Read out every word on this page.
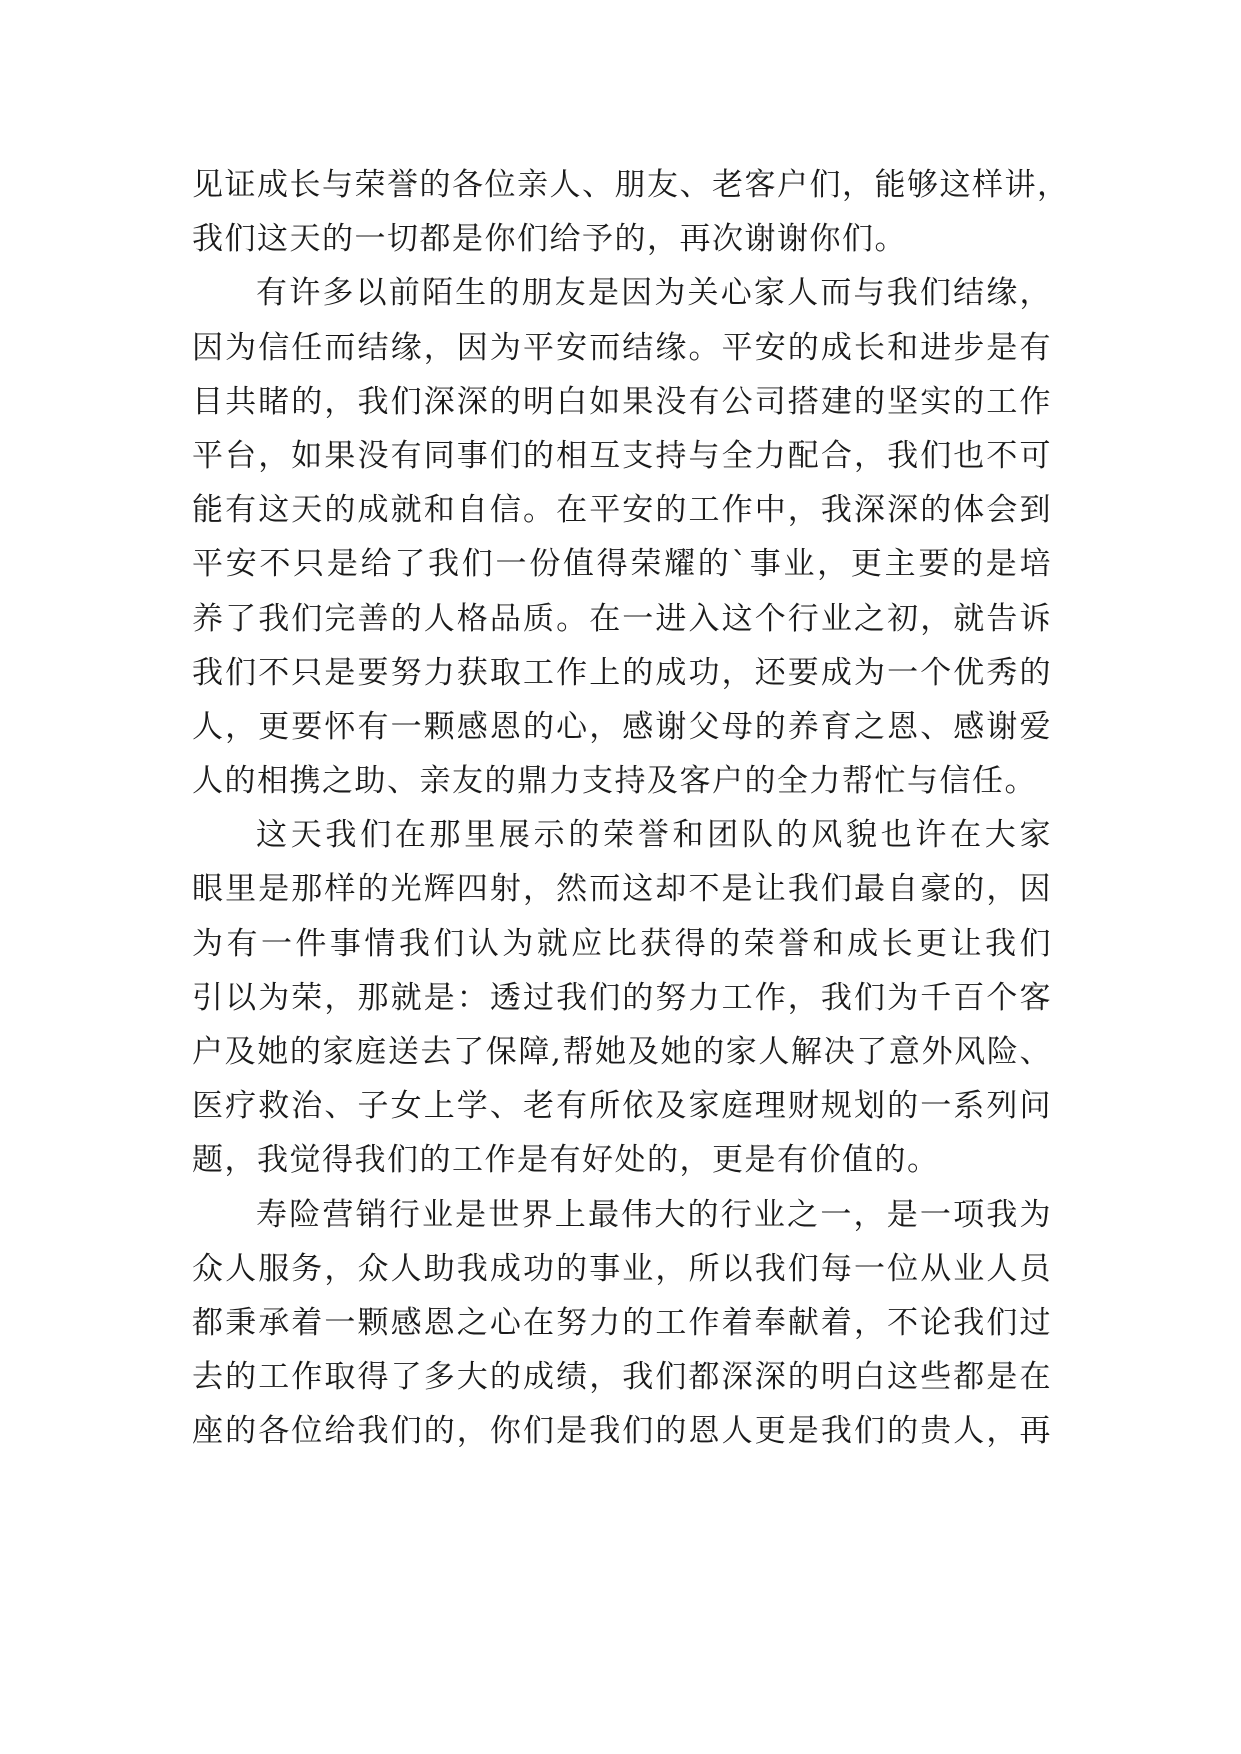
见证成长与荣誉的各位亲人、朋友、老客户们，能够这样讲，
我们这天的一切都是你们给予的，再次谢谢你们。
有许多以前陌生的朋友是因为关心家人而与我们结缘，
因为信任而结缘，因为平安而结缘。平安的成长和进步是有
目共睹的，我们深深的明白如果没有公司搭建的坚实的工作
平台，如果没有同事们的相互支持与全力配合，我们也不可
能有这天的成就和自信。在平安的工作中，我深深的体会到
平安不只是给了我们一份值得荣耀的`事业，更主要的是培
养了我们完善的人格品质。在一进入这个行业之初，就告诉
我们不只是要努力获取工作上的成功，还要成为一个优秀的
人，更要怀有一颗感恩的心，感谢父母的养育之恩、感谢爱
人的相携之助、亲友的鼎力支持及客户的全力帮忙与信任。
这天我们在那里展示的荣誉和团队的风貌也许在大家
眼里是那样的光辉四射，然而这却不是让我们最自豪的，因
为有一件事情我们认为就应比获得的荣誉和成长更让我们
引以为荣，那就是：透过我们的努力工作，我们为千百个客
户及她的家庭送去了保障,帮她及她的家人解决了意外风险、
医疗救治、子女上学、老有所依及家庭理财规划的一系列问
题，我觉得我们的工作是有好处的，更是有价值的。
寿险营销行业是世界上最伟大的行业之一，是一项我为
众人服务，众人助我成功的事业，所以我们每一位从业人员
都秉承着一颗感恩之心在努力的工作着奉献着，不论我们过
去的工作取得了多大的成绩，我们都深深的明白这些都是在
座的各位给我们的，你们是我们的恩人更是我们的贵人，再
